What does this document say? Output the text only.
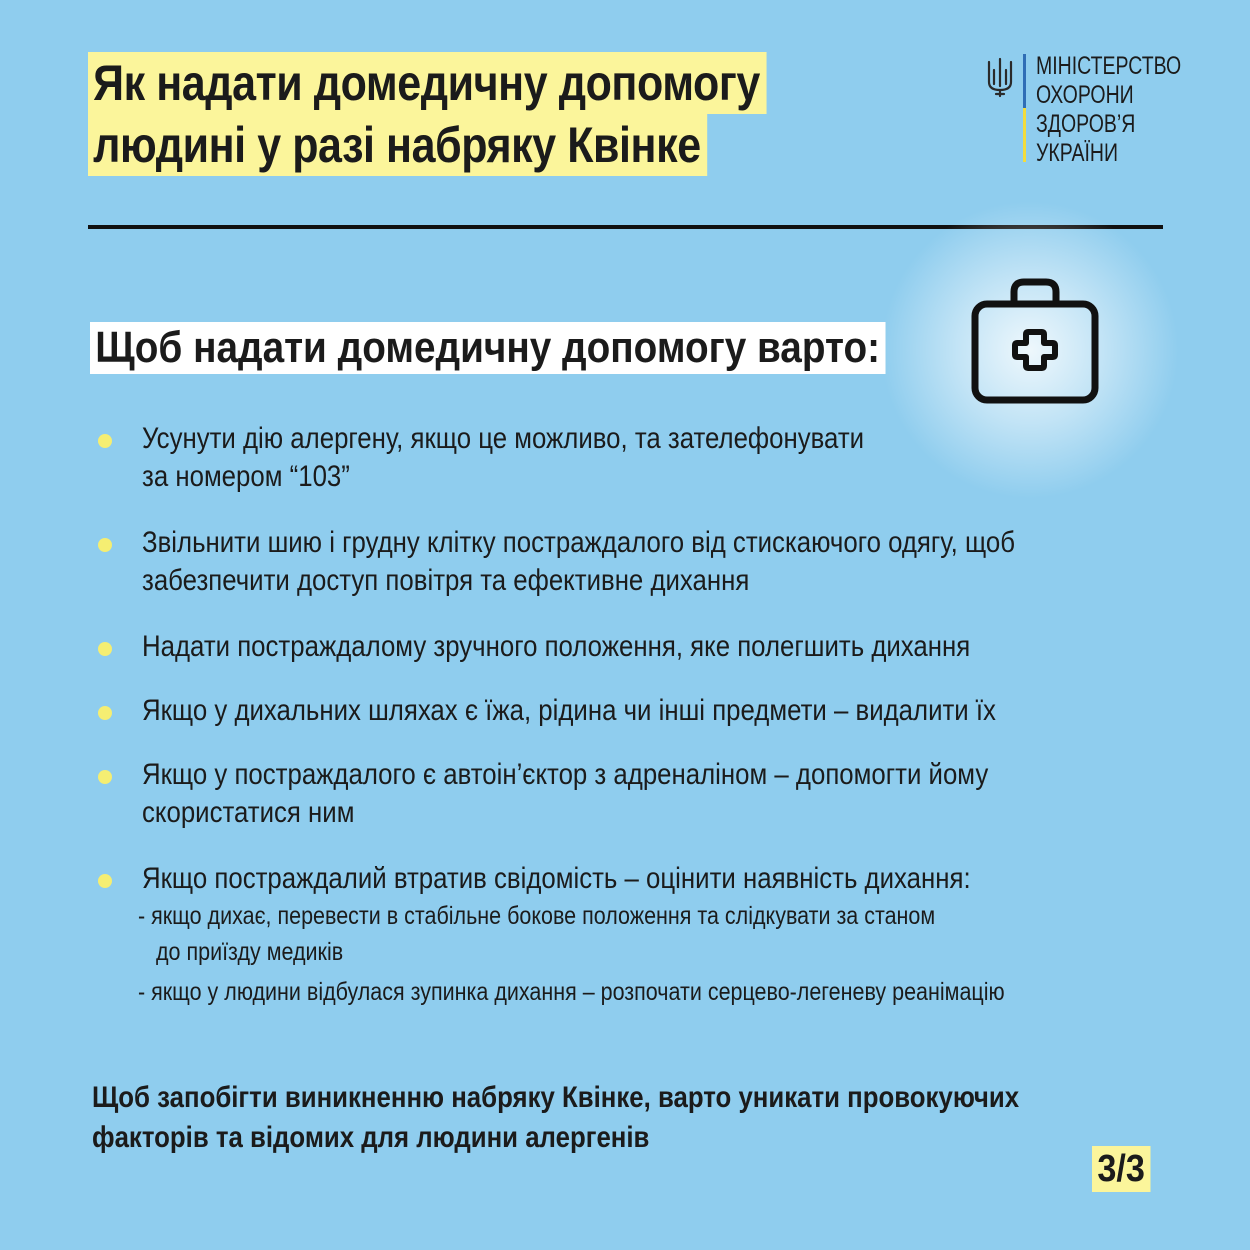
Як надати домедичну допомогу
людині у разі набряку Квінке
МІНІСТЕРСТВО
ОХОРОНИ
ЗДОРОВ’Я
УКРАЇНИ
Щоб надати домедичну допомогу варто:
Усунути дію алергену, якщо це можливо, та зателефонувати
за номером “103”
Звільнити шию і грудну клітку постраждалого від стискаючого одягу, щоб
забезпечити доступ повітря та ефективне дихання
Надати постраждалому зручного положення, яке полегшить дихання
Якщо у дихальних шляхах є їжа, рідина чи інші предмети – видалити їх
Якщо у постраждалого є автоін’єктор з адреналіном – допомогти йому
скористатися ним
Якщо постраждалий втратив свідомість – оцінити наявність дихання:
- якщо дихає, перевести в стабільне бокове положення та слідкувати за станом
до приїзду медиків
- якщо у людини відбулася зупинка дихання – розпочати серцево-легеневу реанімацію
Щоб запобігти виникненню набряку Квінке, варто уникати провокуючих
факторів та відомих для людини алергенів
3/3
